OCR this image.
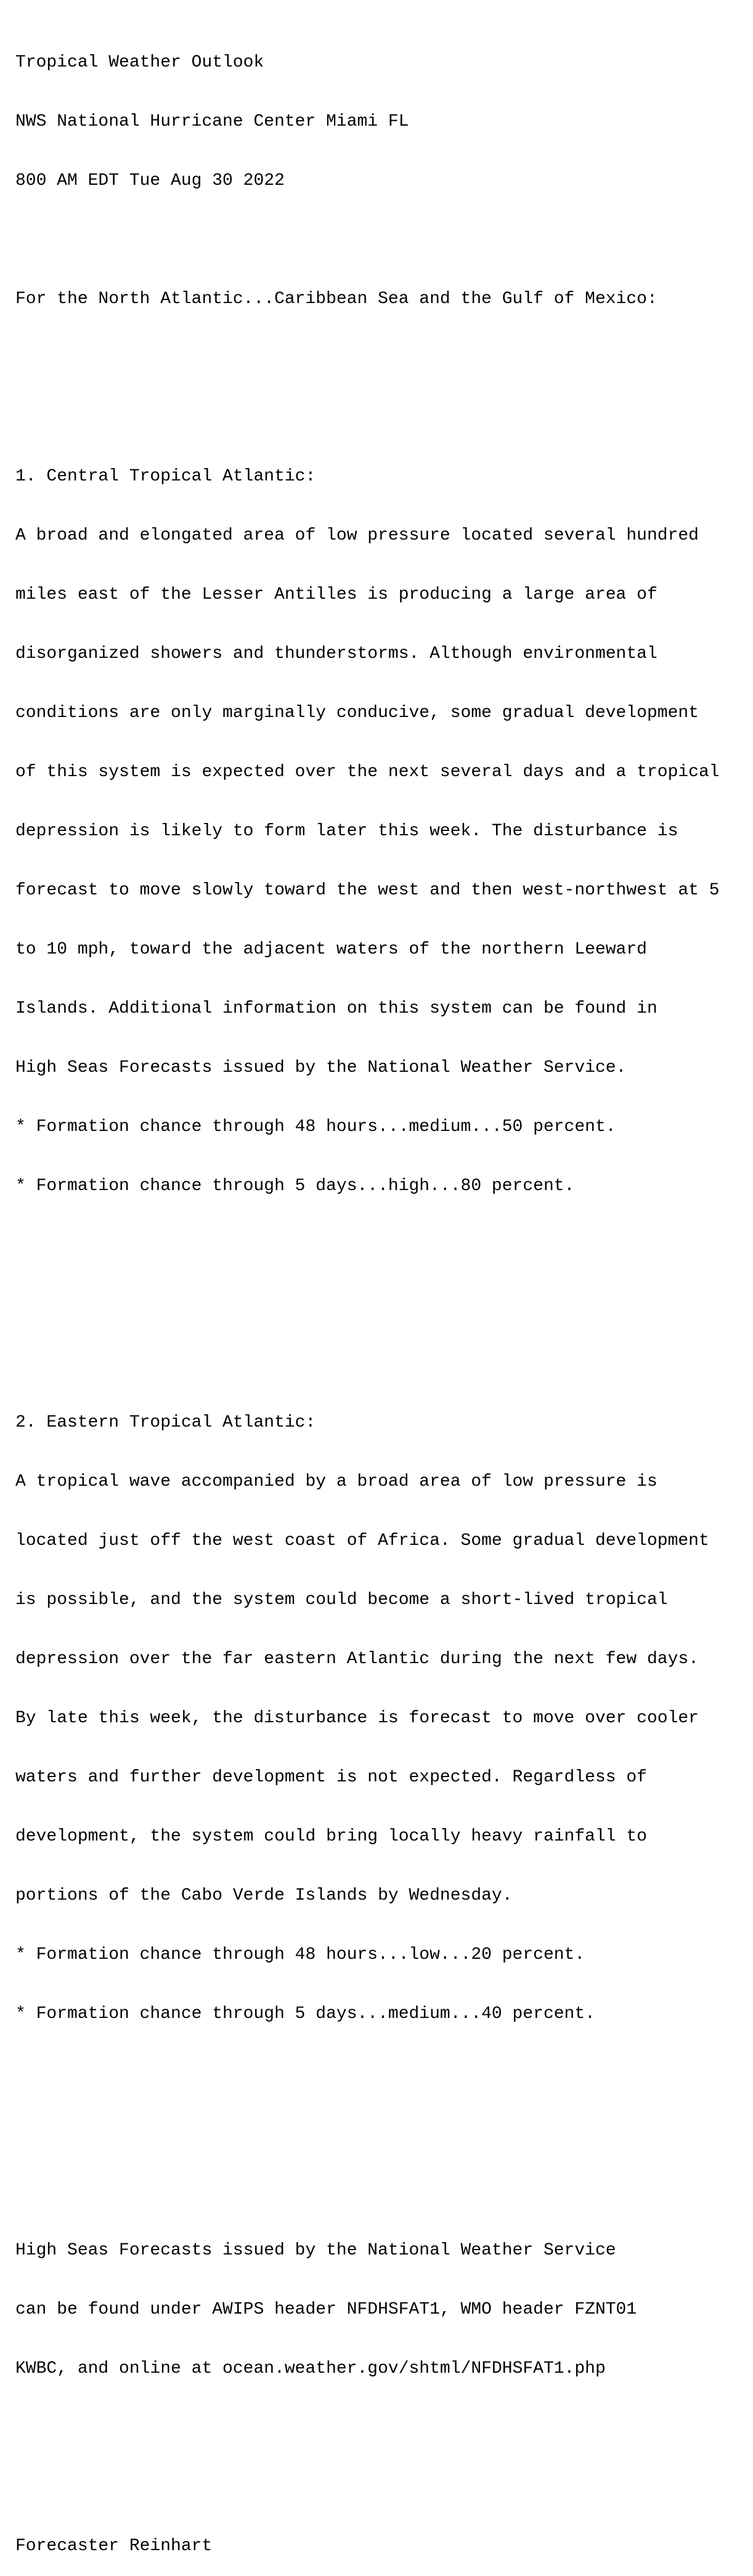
Tropical Weather Outlook

NWS National Hurricane Center Miami FL

800 AM EDT Tue Aug 30 2022

For the North Atlantic...Caribbean Sea and the Gulf of Mexico:

1. Central Tropical Atlantic:

A broad and elongated area of low pressure located several hundred

miles east of the Lesser Antilles is producing a large area of

disorganized showers and thunderstorms. Although environmental

conditions are only marginally conducive, some gradual development

of this system is expected over the next several days and a tropical

depression is likely to form later this week. The disturbance is

forecast to move slowly toward the west and then west-northwest at 5

to 10 mph, toward the adjacent waters of the northern Leeward

Islands. Additional information on this system can be found in

High Seas Forecasts issued by the National Weather Service.

* Formation chance through 48 hours...medium...50 percent.

* Formation chance through 5 days...high...80 percent.

2. Eastern Tropical Atlantic:

A tropical wave accompanied by a broad area of low pressure is

located just off the west coast of Africa. Some gradual development

is possible, and the system could become a short-lived tropical

depression over the far eastern Atlantic during the next few days.

By late this week, the disturbance is forecast to move over cooler

waters and further development is not expected. Regardless of

development, the system could bring locally heavy rainfall to

portions of the Cabo Verde Islands by Wednesday.

* Formation chance through 48 hours...low...20 percent.

* Formation chance through 5 days...medium...40 percent.

High Seas Forecasts issued by the National Weather Service

can be found under AWIPS header NFDHSFAT1, WMO header FZNT01

KWBC, and online at ocean.weather.gov/shtml/NFDHSFAT1.php

Forecaster Reinhart
